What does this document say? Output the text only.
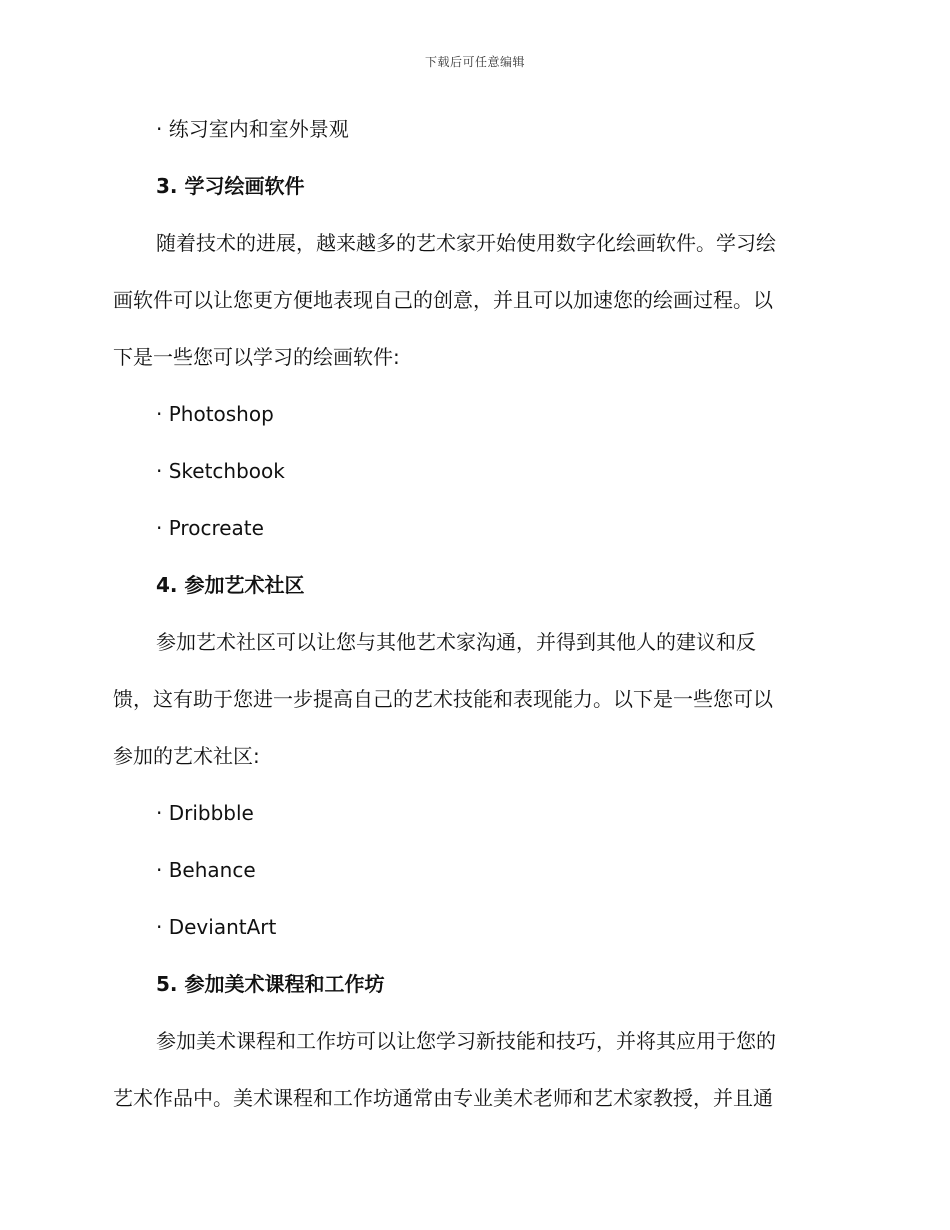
下载后可任意编辑
· 练习室内和室外景观
3. 学习绘画软件
随着技术的进展，越来越多的艺术家开始使用数字化绘画软件。学习绘
画软件可以让您更方便地表现自己的创意，并且可以加速您的绘画过程。以
下是一些您可以学习的绘画软件:
· Photoshop
· Sketchbook
· Procreate
4. 参加艺术社区
参加艺术社区可以让您与其他艺术家沟通，并得到其他人的建议和反
馈，这有助于您进一步提高自己的艺术技能和表现能力。以下是一些您可以
参加的艺术社区:
· Dribbble
· Behance
· DeviantArt
5. 参加美术课程和工作坊
参加美术课程和工作坊可以让您学习新技能和技巧，并将其应用于您的
艺术作品中。美术课程和工作坊通常由专业美术老师和艺术家教授，并且通
